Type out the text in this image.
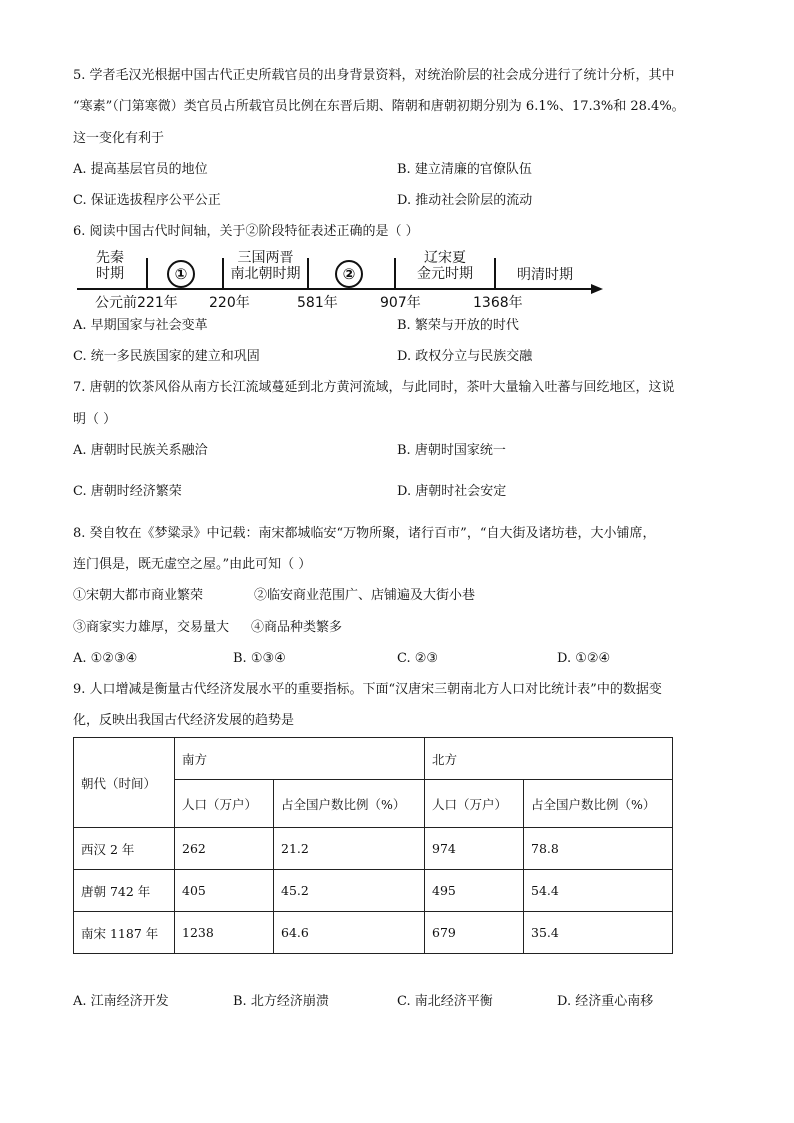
5. 学者毛汉光根据中国古代正史所载官员的出身背景资料，对统治阶层的社会成分进行了统计分析，其中
“寒素”（门第寒微）类官员占所载官员比例在东晋后期、隋朝和唐朝初期分别为 6.1%、17.3%和 28.4%。
这一变化有利于
A. 提高基层官员的地位	B. 建立清廉的官僚队伍
C. 保证选拔程序公平公正	D. 推动社会阶层的流动
6. 阅读中国古代时间轴，关于②阶段特征表述正确的是（ ）
先秦
时期	①
三国两晋
南北朝时期	②
辽宋夏
金元时期	明清时期
公元前221年 220年	581年	907年	1368年
A. 早期国家与社会变革	B. 繁荣与开放的时代
C. 统一多民族国家的建立和巩固	D. 政权分立与民族交融
7. 唐朝的饮茶风俗从南方长江流域蔓延到北方黄河流域，与此同时，茶叶大量输入吐蕃与回纥地区，这说
明（ ）
A. 唐朝时民族关系融洽	B. 唐朝时国家统一
C. 唐朝时经济繁荣	D. 唐朝时社会安定
8. 癸自牧在《梦粱录》中记载：南宋都城临安“万物所聚，诸行百市”，“自大街及诸坊巷，大小铺席，
连门俱是，既无虚空之屋。”由此可知（ ）
①宋朝大都市商业繁荣	②临安商业范围广、店铺遍及大街小巷
③商家实力雄厚，交易量大 ④商品种类繁多
A. ①②③④	B. ①③④	C. ②③	D. ①②④
9. 人口增减是衡量古代经济发展水平的重要指标。下面“汉唐宋三朝南北方人口对比统计表”中的数据变
化，反映出我国古代经济发展的趋势是
朝代（时间）	南方		北方	
	人口（万户）	占全国户数比例（%）	人口（万户）	占全国户数比例（%）
西汉 2 年	262	21.2	974	78.8
唐朝 742 年	405	45.2	495	54.4
南宋 1187 年	1238	64.6	679	35.4
A. 江南经济开发	B. 北方经济崩溃	C. 南北经济平衡	D. 经济重心南移
